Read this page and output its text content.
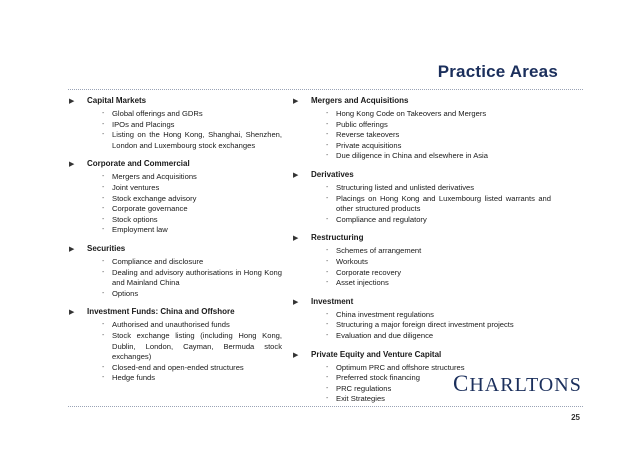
Practice Areas
▶ Capital Markets
- Global offerings and GDRs
- IPOs and Placings
- Listing on the Hong Kong, Shanghai, Shenzhen, London and Luxembourg stock exchanges
▶ Corporate and Commercial
- Mergers and Acquisitions
- Joint ventures
- Stock exchange advisory
- Corporate governance
- Stock options
- Employment law
▶ Securities
- Compliance and disclosure
- Dealing and advisory authorisations in Hong Kong and Mainland China
- Options
▶ Investment Funds: China and Offshore
- Authorised and unauthorised funds
- Stock exchange listing (including Hong Kong, Dublin, London, Cayman, Bermuda stock exchanges)
- Closed-end and open-ended structures
- Hedge funds
▶ Mergers and Acquisitions
- Hong Kong Code on Takeovers and Mergers
- Public offerings
- Reverse takeovers
- Private acquisitions
- Due diligence in China and elsewhere in Asia
▶ Derivatives
- Structuring listed and unlisted derivatives
- Placings on Hong Kong and Luxembourg listed warrants and other structured products
- Compliance and regulatory
▶ Restructuring
- Schemes of arrangement
- Workouts
- Corporate recovery
- Asset injections
▶ Investment
- China investment regulations
- Structuring a major foreign direct investment projects
- Evaluation and due diligence
▶ Private Equity and Venture Capital
- Optimum PRC and offshore structures
- Preferred stock financing
- PRC regulations
- Exit Strategies
CHARLTONS
25
